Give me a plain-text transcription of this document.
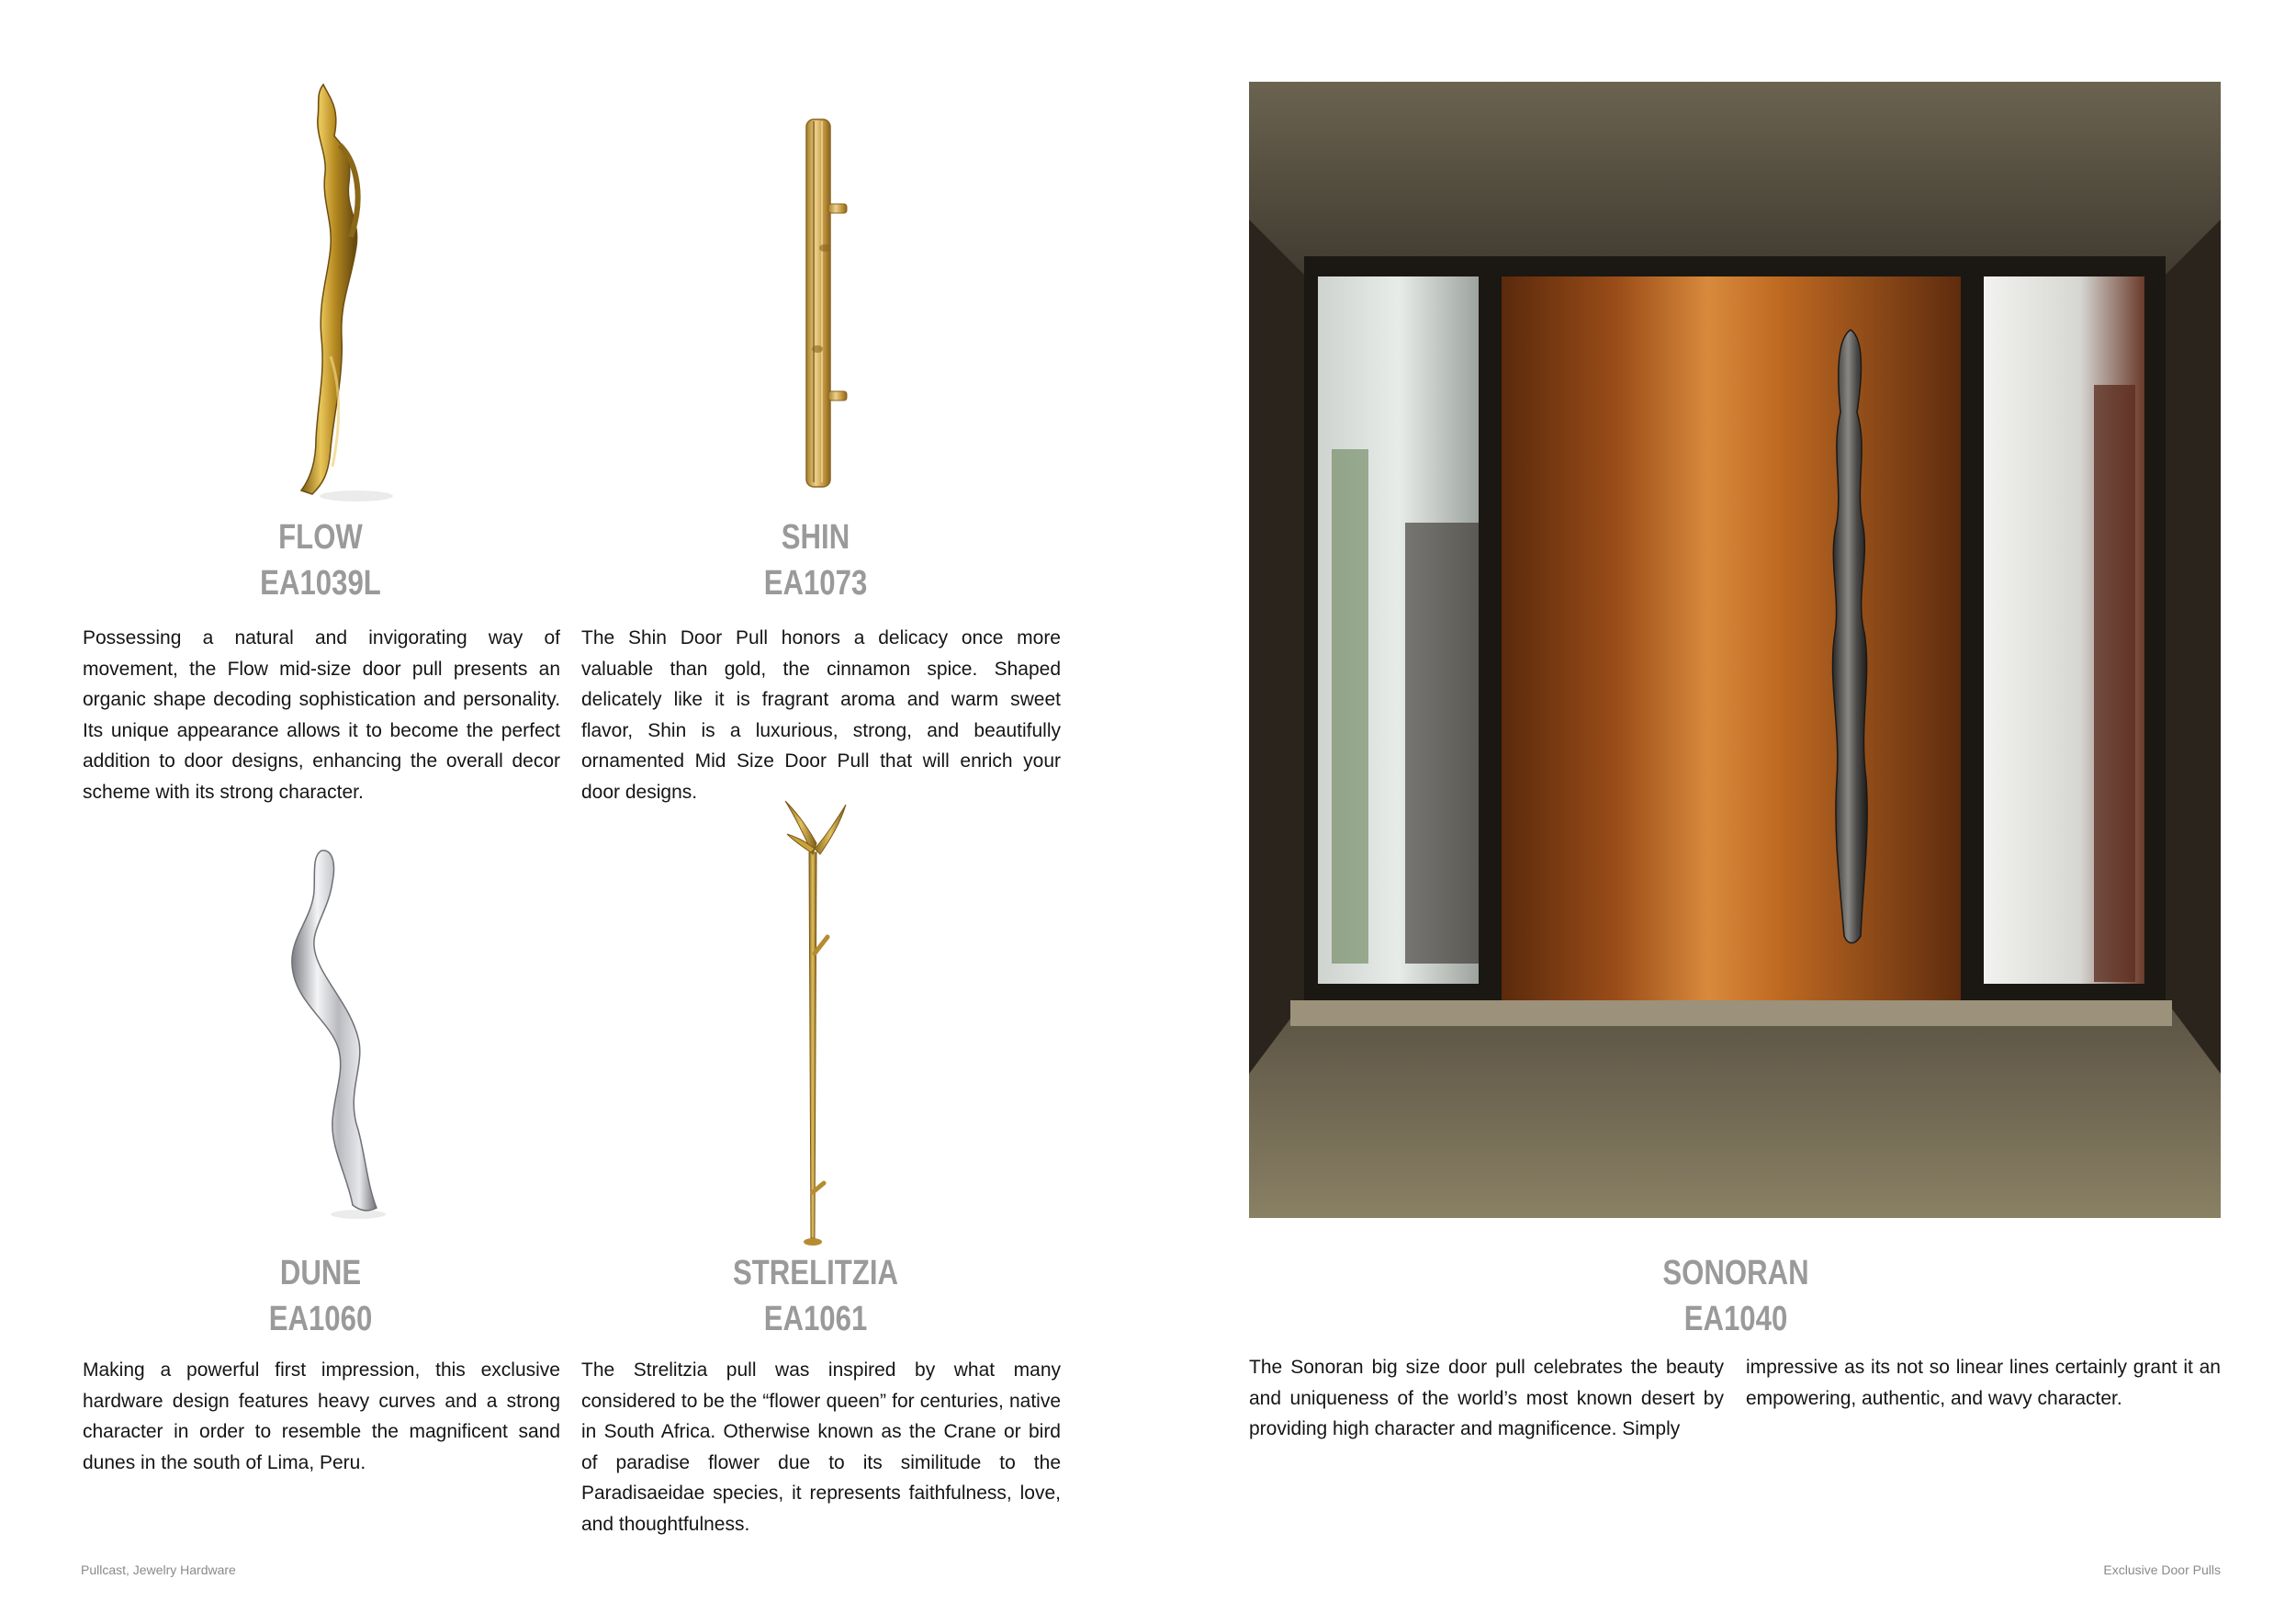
FLOW
EA1039L
Possessing a natural and invigorating way of movement, the Flow mid-size door pull presents an organic shape decoding sophistication and personality. Its unique appearance allows it to become the perfect addition to door designs, enhancing the overall decor scheme with its strong character.
SHIN
EA1073
The Shin Door Pull honors a delicacy once more valuable than gold, the cinnamon spice. Shaped delicately like it is fragrant aroma and warm sweet flavor, Shin is a luxurious, strong, and beautifully ornamented Mid Size Door Pull that will enrich your door designs.
DUNE
EA1060
Making a powerful first impression, this exclusive hardware design features heavy curves and a strong character in order to resemble the magnificent sand dunes in the south of Lima, Peru.
STRELITZIA
EA1061
The Strelitzia pull was inspired by what many considered to be the “flower queen” for centuries, native in South Africa. Otherwise known as the Crane or bird of paradise flower due to its similitude to the Paradisaeidae species, it represents faithfulness, love, and thoughtfulness.
SONORAN
EA1040
The Sonoran big size door pull celebrates the beauty and uniqueness of the world’s most known desert by providing high character and magnificence. Simply
impressive as its not so linear lines certainly grant it an empowering, authentic, and wavy character.
Pullcast, Jewelry Hardware	Exclusive Door Pulls
